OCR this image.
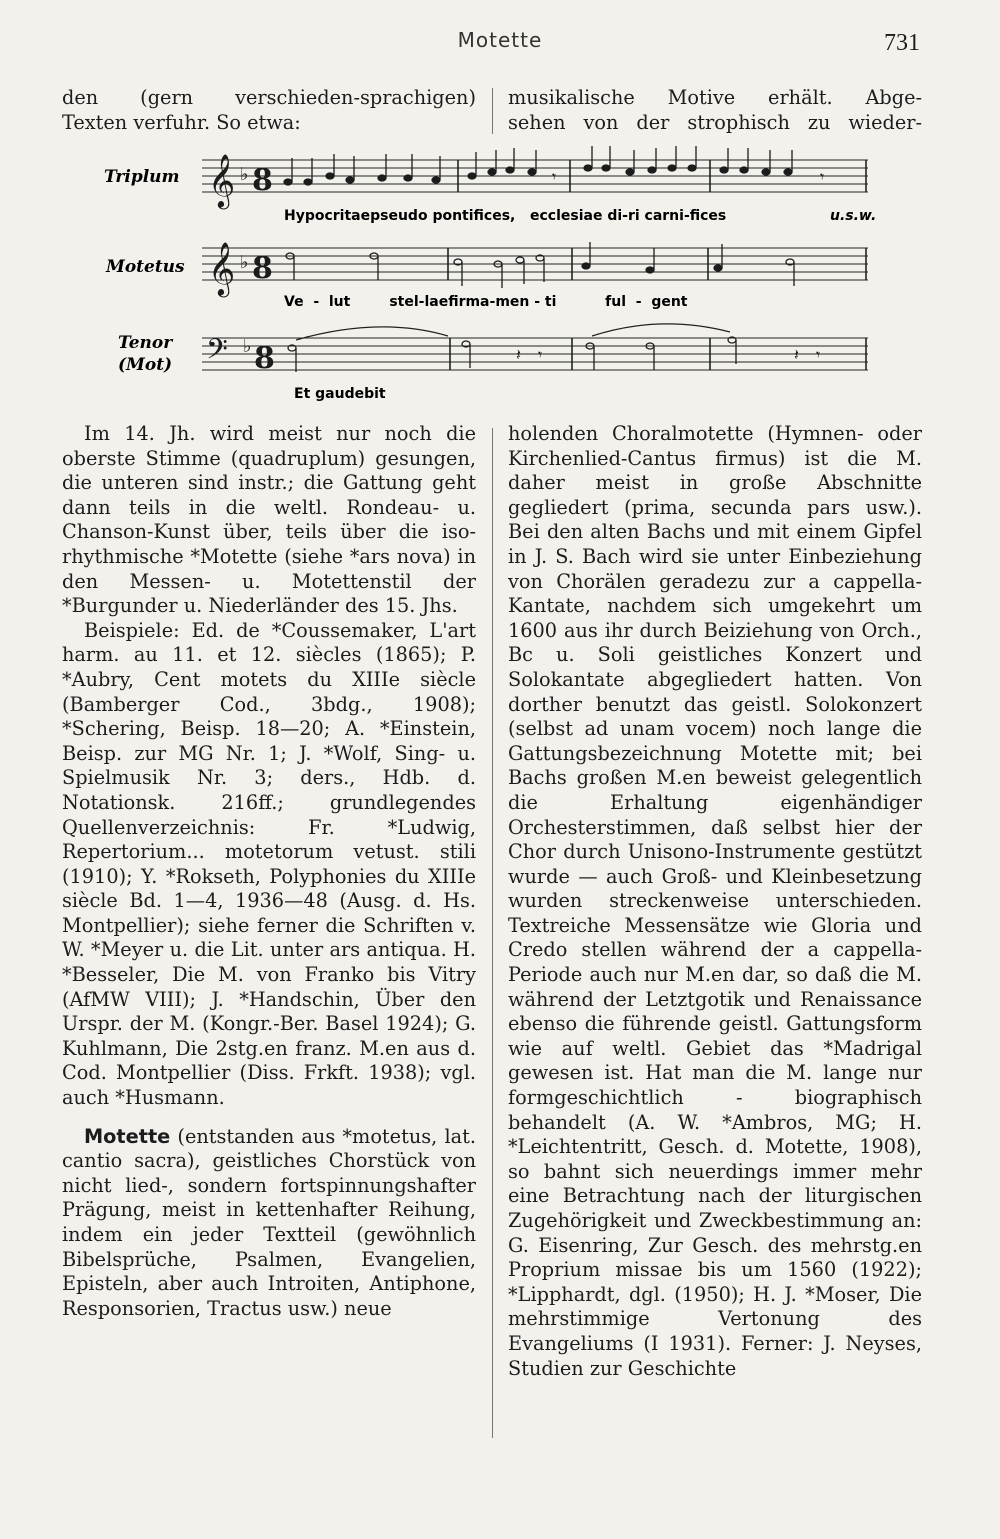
Motette	731

den (gern verschieden-sprachigen)

Texten verfuhr. So etwa:

musikalische Motive erhält. Abge-

sehen von der strophisch zu wieder-

𝄞
𝄞
𝄢
♭
♭
♭
8
8
8
𝄾	𝄾
𝄽 𝄾	𝄽 𝄾
Triplum
Motetus
Tenor
(Mot)
Hypocritaepseudo pontifices,   ecclesiae di-ri carni-fices	u.s.w.
Ve  -  lut        stel-laefirma-men - ti          ful  -  gent
Et gaudebit

Im 14. Jh. wird meist nur noch die oberste Stimme (quadruplum) gesungen, die unteren sind instr.; die Gattung geht dann teils in die weltl. Rondeau- u. Chanson-Kunst über, teils über die iso-rhythmische *Motette (siehe *ars nova) in den Messen- u. Motettenstil der *Burgunder u. Niederländer des 15. Jhs.

Beispiele: Ed. de *Coussemaker, L'art harm. au 11. et 12. siècles (1865); P. *Aubry, Cent motets du XIIIe siècle (Bamberger Cod., 3bdg., 1908); *Schering, Beisp. 18—20; A. *Einstein, Beisp. zur MG Nr. 1; J. *Wolf, Sing- u. Spielmusik Nr. 3; ders., Hdb. d. Notationsk. 216ff.; grundlegendes Quellenverzeichnis: Fr. *Ludwig, Repertorium... motetorum vetust. stili (1910); Y. *Rokseth, Polyphonies du XIIIe siècle Bd. 1—4, 1936—48 (Ausg. d. Hs. Montpellier); siehe ferner die Schriften v. W. *Meyer u. die Lit. unter ars antiqua. H. *Besseler, Die M. von Franko bis Vitry (AfMW VIII); J. *Handschin, Über den Urspr. der M. (Kongr.-Ber. Basel 1924); G. Kuhlmann, Die 2stg.en franz. M.en aus d. Cod. Montpellier (Diss. Frkft. 1938); vgl. auch *Husmann.

Motette (entstanden aus *motetus, lat. cantio sacra), geistliches Chorstück von nicht lied-, sondern fortspinnungshafter Prägung, meist in kettenhafter Reihung, indem ein jeder Textteil (gewöhnlich Bibelsprüche, Psalmen, Evangelien, Episteln, aber auch Introiten, Antiphone, Responsorien, Tractus usw.) neue

holenden Choralmotette (Hymnen- oder Kirchenlied-Cantus firmus) ist die M. daher meist in große Abschnitte gegliedert (prima, secunda pars usw.). Bei den alten Bachs und mit einem Gipfel in J. S. Bach wird sie unter Einbeziehung von Chorälen geradezu zur a cappella-Kantate, nachdem sich umgekehrt um 1600 aus ihr durch Beiziehung von Orch., Bc u. Soli geistliches Konzert und Solokantate abgegliedert hatten. Von dorther benutzt das geistl. Solokonzert (selbst ad unam vocem) noch lange die Gattungsbezeichnung Motette mit; bei Bachs großen M.en beweist gelegentlich die Erhaltung eigenhändiger Orchesterstimmen, daß selbst hier der Chor durch Unisono-Instrumente gestützt wurde — auch Groß- und Kleinbesetzung wurden streckenweise unterschieden. Textreiche Messensätze wie Gloria und Credo stellen während der a cappella-Periode auch nur M.en dar, so daß die M. während der Letztgotik und Renaissance ebenso die führende geistl. Gattungsform wie auf weltl. Gebiet das *Madrigal gewesen ist. Hat man die M. lange nur formgeschichtlich - biographisch behandelt (A. W. *Ambros, MG; H. *Leichtentritt, Gesch. d. Motette, 1908), so bahnt sich neuerdings immer mehr eine Betrachtung nach der liturgischen Zugehörigkeit und Zweckbestimmung an: G. Eisenring, Zur Gesch. des mehrstg.en Proprium missae bis um 1560 (1922); *Lipphardt, dgl. (1950); H. J. *Moser, Die mehrstimmige Vertonung des Evangeliums (I 1931). Ferner: J. Neyses, Studien zur Geschichte
